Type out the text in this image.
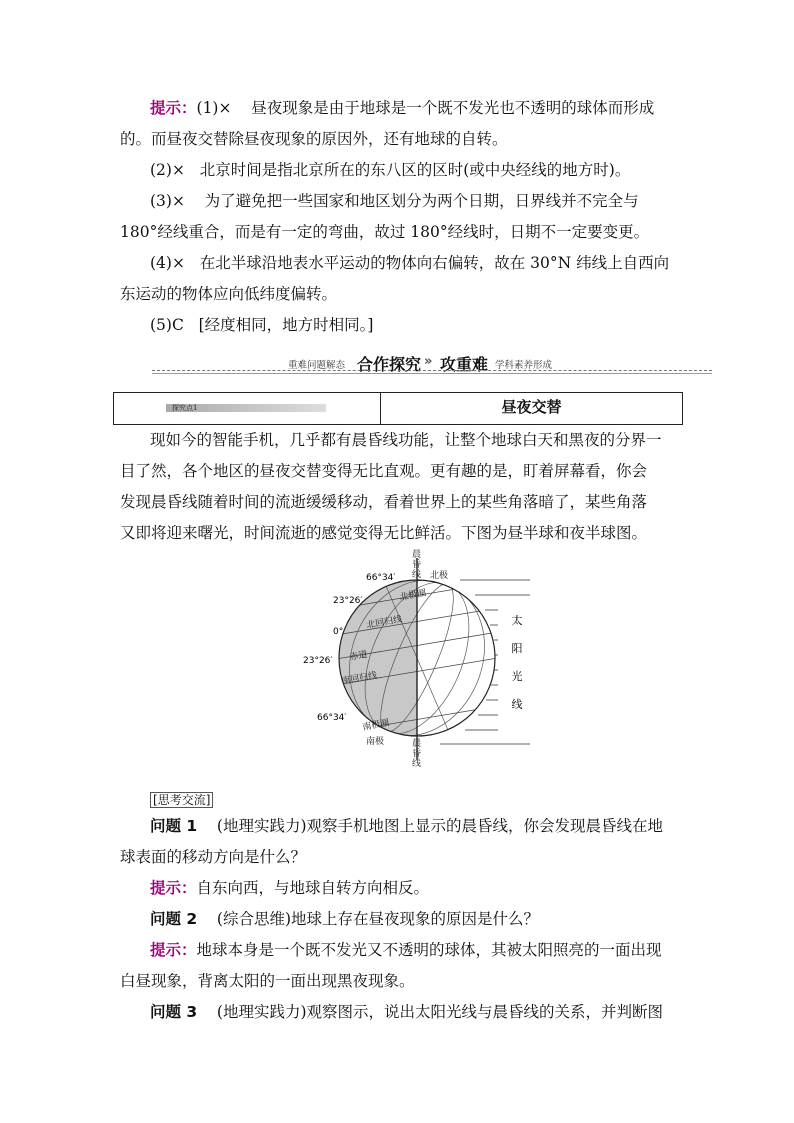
提示：(1)× 昼夜现象是由于地球是一个既不发光也不透明的球体而形成
的。而昼夜交替除昼夜现象的原因外，还有地球的自转。
(2)× 北京时间是指北京所在的东八区的区时(或中央经线的地方时)。
(3)× 为了避免把一些国家和地区划分为两个日期，日界线并不完全与
180°经线重合，而是有一定的弯曲，故过 180°经线时，日期不一定要变更。
(4)× 在北半球沿地表水平运动的物体向右偏转，故在 30°N 纬线上自西向
东运动的物体应向低纬度偏转。
(5)C [经度相同，地方时相同。]
重难问题解态 合作探究 » 攻重难 学科素养形成
探究点1	昼夜交替
现如今的智能手机，几乎都有晨昏线功能，让整个地球白天和黑夜的分界一
目了然，各个地区的昼夜交替变得无比直观。更有趣的是，盯着屏幕看，你会
发现晨昏线随着时间的流逝缓缓移动，看着世界上的某些角落暗了，某些角落
又即将迎来曙光，时间流逝的感觉变得无比鲜活。下图为昼半球和夜半球图。
太
阳
光
线
北极圈
北回归线
赤道
南回归线
南极圈
北极
南极
晨昏线
晨昏线
66°34′
23°26′
0°
23°26′
66°34′
[思考交流]
问题 1 (地理实践力)观察手机地图上显示的晨昏线，你会发现晨昏线在地
球表面的移动方向是什么？
提示：自东向西，与地球自转方向相反。
问题 2 (综合思维)地球上存在昼夜现象的原因是什么？
提示：地球本身是一个既不发光又不透明的球体，其被太阳照亮的一面出现
白昼现象，背离太阳的一面出现黑夜现象。
问题 3 (地理实践力)观察图示，说出太阳光线与晨昏线的关系，并判断图
